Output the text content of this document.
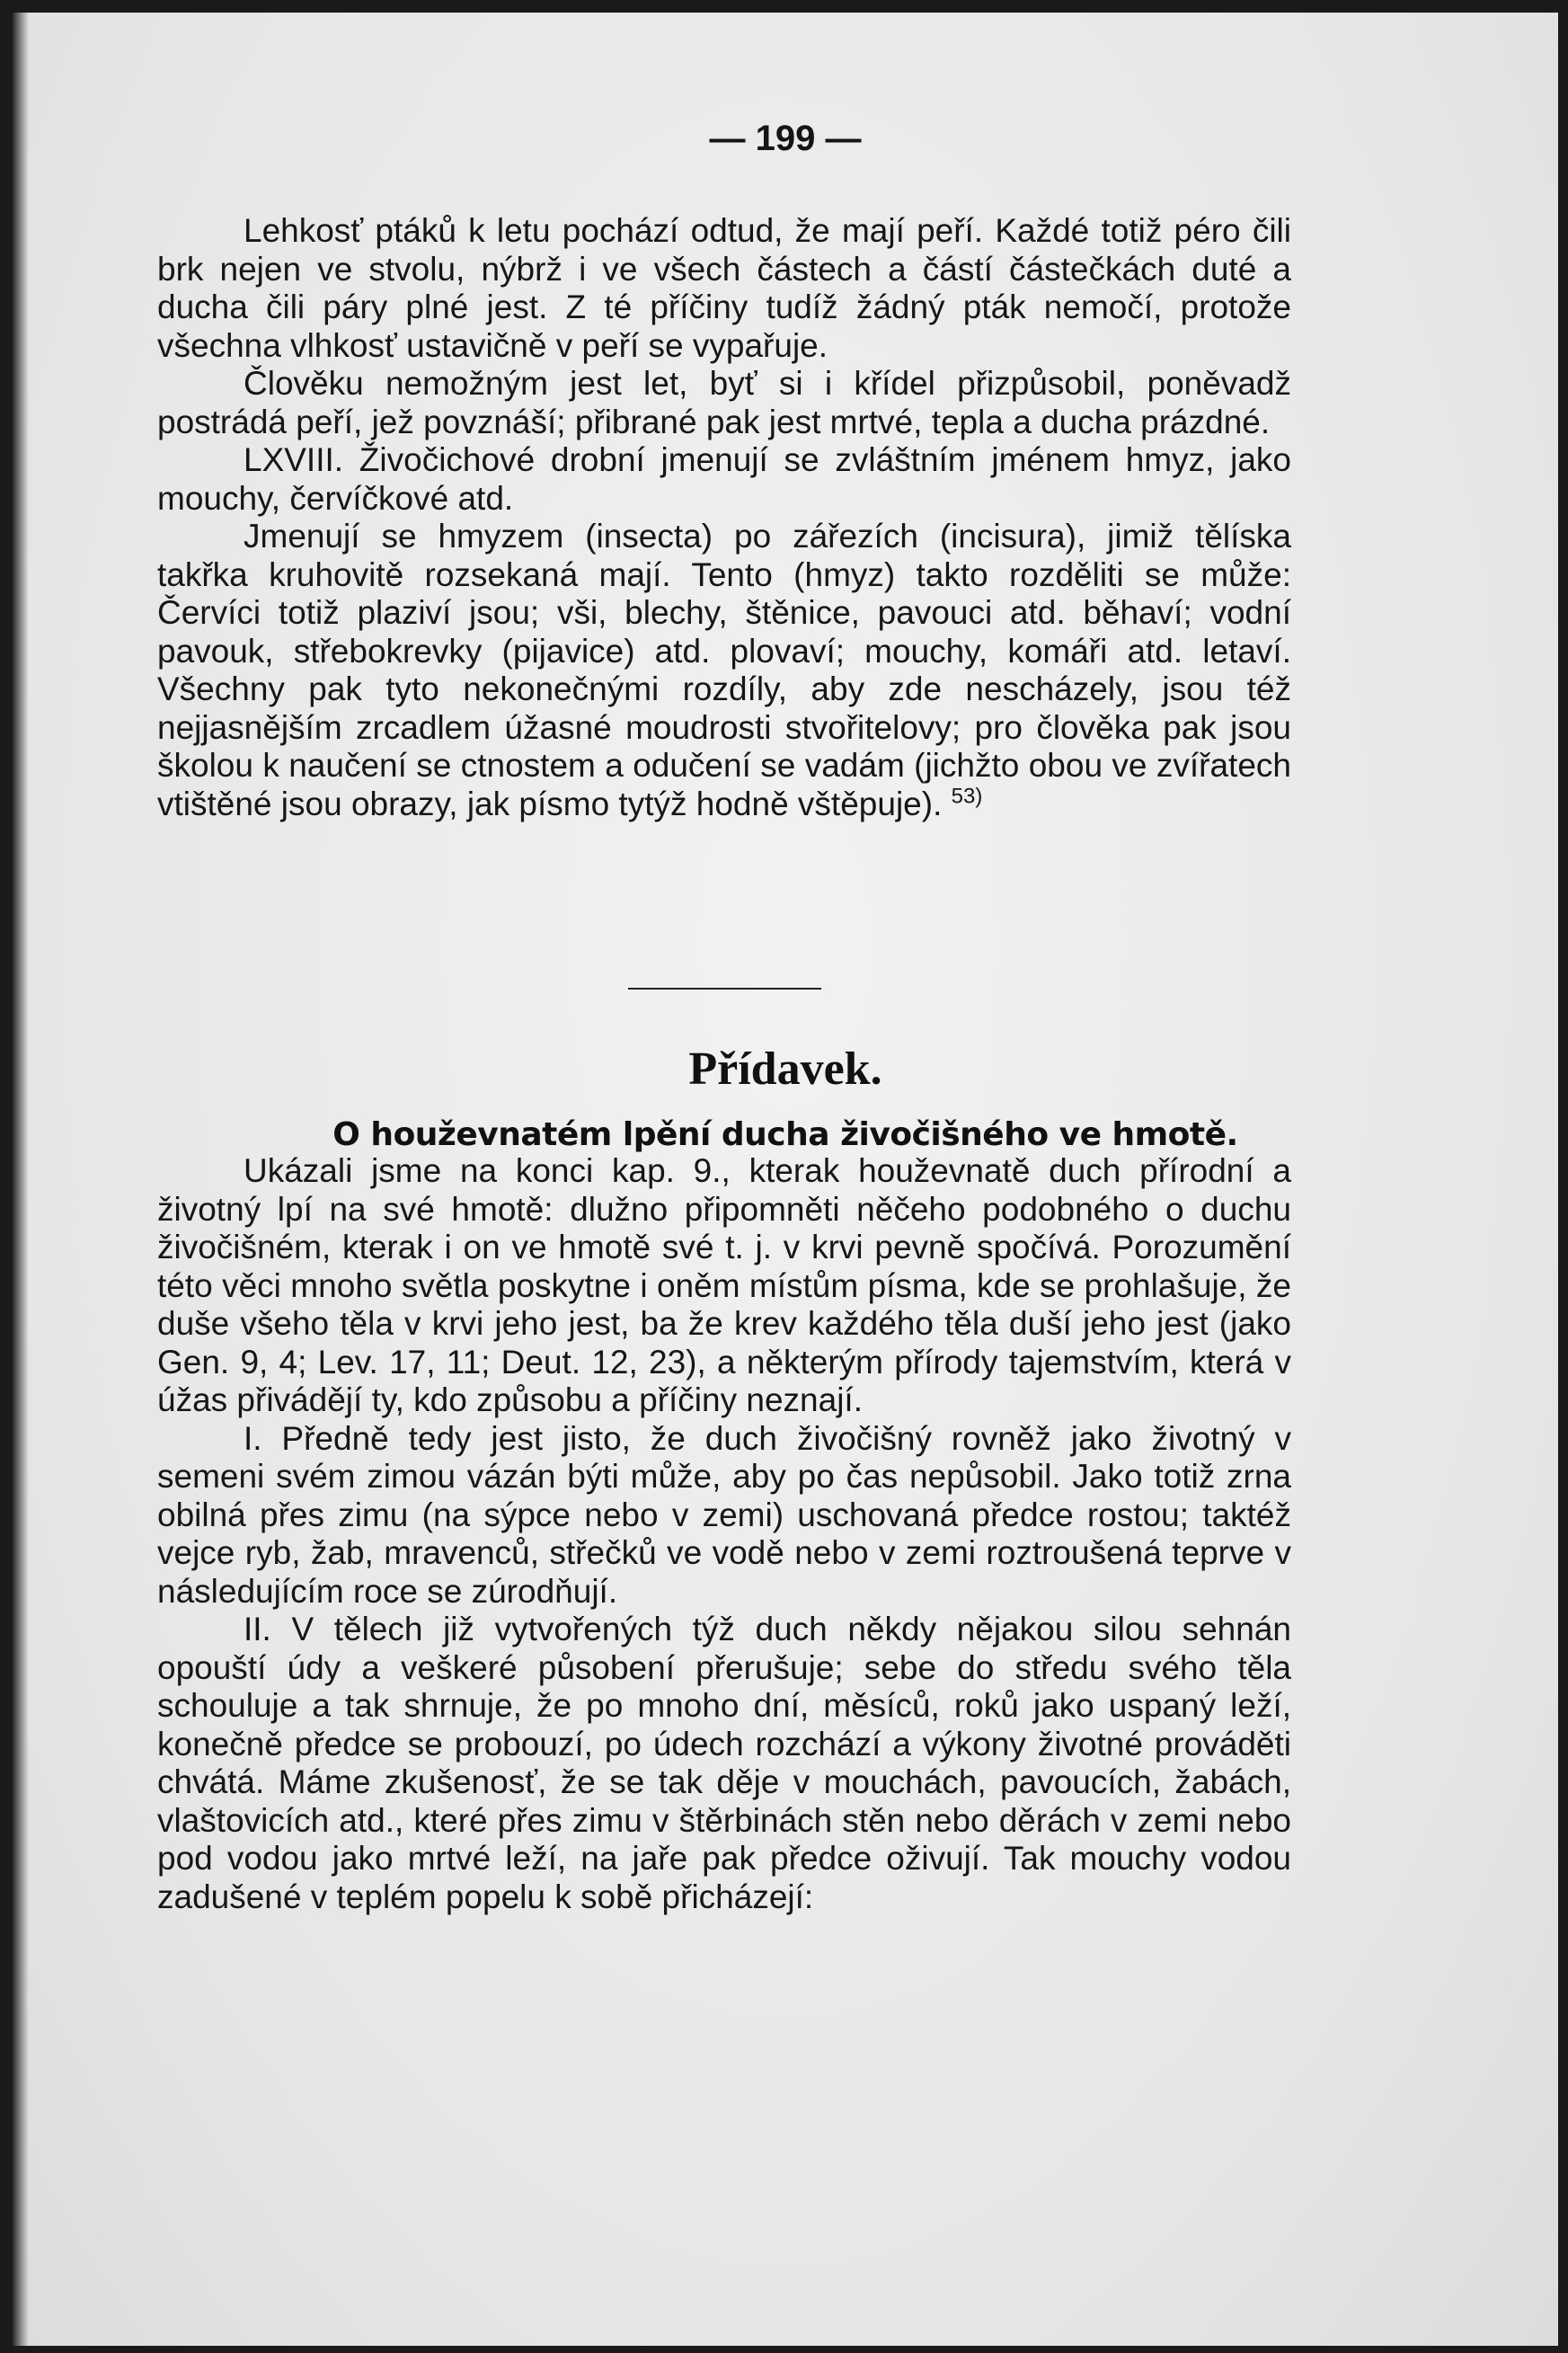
— 199 —

Lehkosť ptáků k letu pochází odtud, že mají peří. Každé totiž péro čili brk nejen ve stvolu, nýbrž i ve všech částech a částí částečkách duté a ducha čili páry plné jest. Z té příčiny tudíž žádný pták nemočí, protože všechna vlhkosť ustavičně v peří se vypařuje.

Člověku nemožným jest let, byť si i křídel přizpůsobil, poněvadž postrádá peří, jež povznáší; přibrané pak jest mrtvé, tepla a ducha prázdné.

LXVIII. Živočichové drobní jmenují se zvláštním jménem hmyz, jako mouchy, červíčkové atd.

Jmenují se hmyzem (insecta) po zářezích (incisura), jimiž tělíska takřka kruhovitě rozsekaná mají. Tento (hmyz) takto rozděliti se může: Červíci totiž plaziví jsou; vši, blechy, štěnice, pavouci atd. běhaví; vodní pavouk, střebokrevky (pijavice) atd. plovaví; mouchy, komáři atd. letaví. Všechny pak tyto nekonečnými rozdíly, aby zde nescházely, jsou též nejjasnějším zrcadlem úžasné moudrosti stvořitelovy; pro člověka pak jsou školou k naučení se ctnostem a odučení se vadám (jichžto obou ve zvířatech vtištěné jsou obrazy, jak písmo tytýž hodně vštěpuje). $^{53)}$

Přídavek.
O houževnatém lpění ducha živočišného ve hmotě.

Ukázali jsme na konci kap. 9., kterak houževnatě duch přírodní a životný lpí na své hmotě: dlužno připomněti něčeho podobného o duchu živočišném, kterak i on ve hmotě své t. j. v krvi pevně spočívá. Porozumění této věci mnoho světla poskytne i oněm místům písma, kde se prohlašuje, že duše všeho těla v krvi jeho jest, ba že krev každého těla duší jeho jest (jako Gen. 9, 4; Lev. 17, 11; Deut. 12, 23), a některým přírody tajemstvím, která v úžas přivádějí ty, kdo způsobu a příčiny neznají.

I. Předně tedy jest jisto, že duch živočišný rovněž jako životný v semeni svém zimou vázán býti může, aby po čas nepůsobil. Jako totiž zrna obilná přes zimu (na sýpce nebo v zemi) uschovaná předce rostou; taktéž vejce ryb, žab, mravenců, střečků ve vodě nebo v zemi roztroušená teprve v následujícím roce se zúrodňují.

II. V tělech již vytvořených týž duch někdy nějakou silou sehnán opouští údy a veškeré působení přerušuje; sebe do středu svého těla schouluje a tak shrnuje, že po mnoho dní, měsíců, roků jako uspaný leží, konečně předce se probouzí, po údech rozchází a výkony životné prováděti chvátá. Máme zkušenosť, že se tak děje v mouchách, pavoucích, žabách, vlaštovicích atd., které přes zimu v štěrbinách stěn nebo děrách v zemi nebo pod vodou jako mrtvé leží, na jaře pak předce oživují. Tak mouchy vodou zadušené v teplém popelu k sobě přicházejí:
